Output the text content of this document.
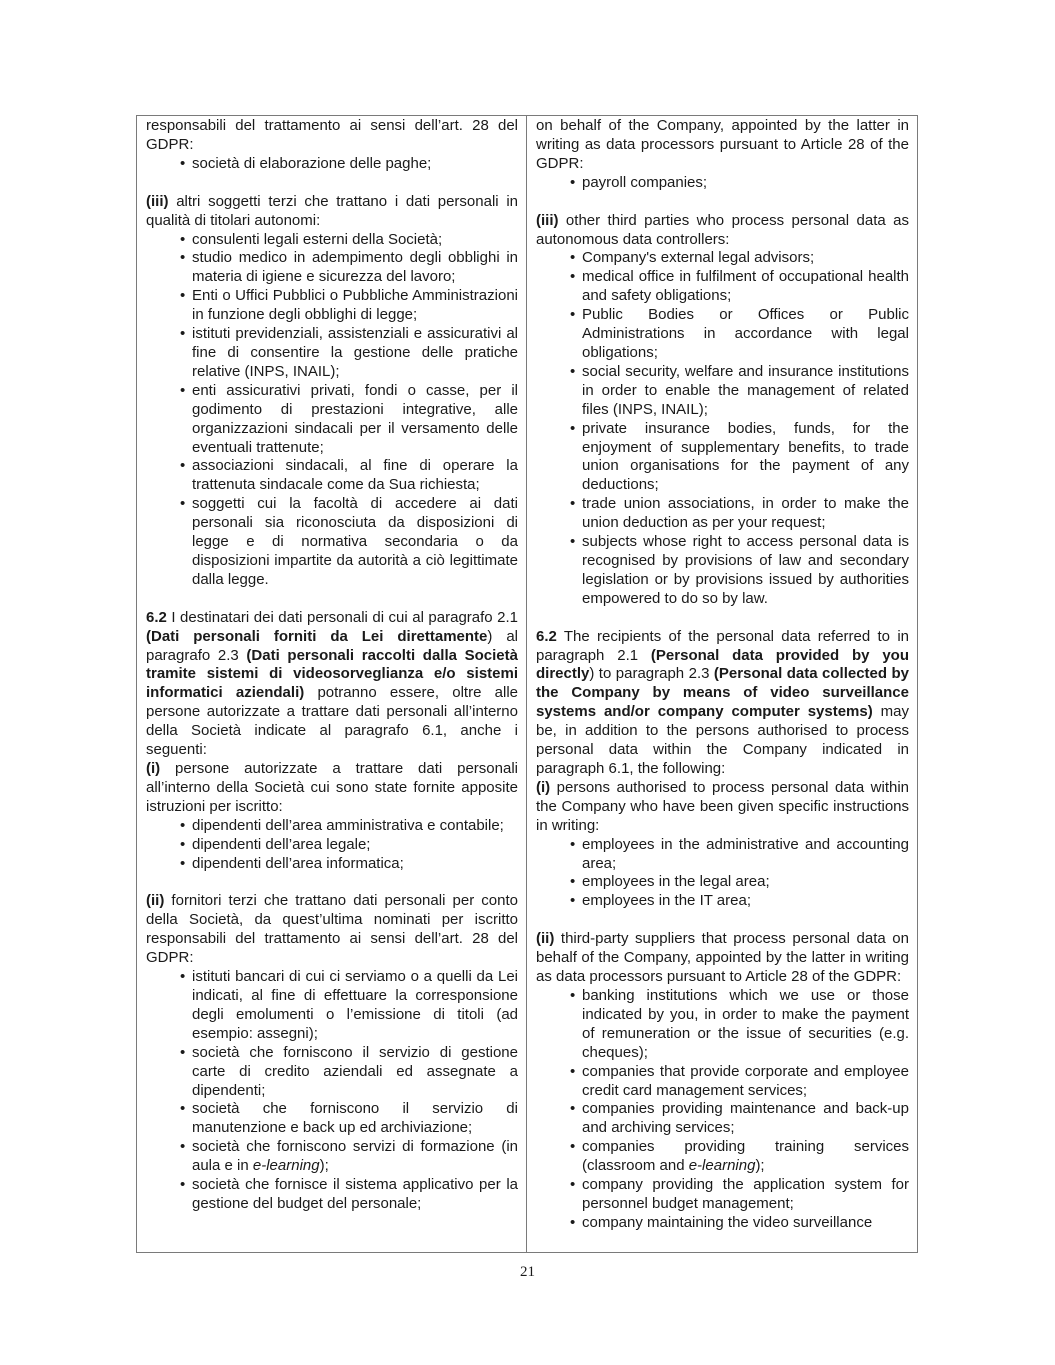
responsabili del trattamento ai sensi dell’art. 28 del GDPR:

• società di elaborazione delle paghe;

(iii) altri soggetti terzi che trattano i dati personali in qualità di titolari autonomi:

• consulenti legali esterni della Società;
• studio medico in adempimento degli obblighi in materia di igiene e sicurezza del lavoro;
• Enti o Uffici Pubblici o Pubbliche Amministrazioni in funzione degli obblighi di legge;
• istituti previdenziali, assistenziali e assicurativi al fine di consentire la gestione delle pratiche relative (INPS, INAIL);
• enti assicurativi privati, fondi o casse, per il godimento di prestazioni integrative, alle organizzazioni sindacali per il versamento delle eventuali trattenute;
• associazioni sindacali, al fine di operare la trattenuta sindacale come da Sua richiesta;
• soggetti cui la facoltà di accedere ai dati personali sia riconosciuta da disposizioni di legge e di normativa secondaria o da disposizioni impartite da autorità a ciò legittimate dalla legge.

6.2 I destinatari dei dati personali di cui al paragrafo 2.1 (Dati personali forniti da Lei direttamente) al paragrafo 2.3 (Dati personali raccolti dalla Società tramite sistemi di videosorveglianza e/o sistemi informatici aziendali) potranno essere, oltre alle persone autorizzate a trattare dati personali all’interno della Società indicate al paragrafo 6.1, anche i seguenti:

(i) persone autorizzate a trattare dati personali all’interno della Società cui sono state fornite apposite istruzioni per iscritto:

• dipendenti dell’area amministrativa e contabile;
• dipendenti dell’area legale;
• dipendenti dell’area informatica;

(ii) fornitori terzi che trattano dati personali per conto della Società, da quest’ultima nominati per iscritto responsabili del trattamento ai sensi dell’art. 28 del GDPR:

• istituti bancari di cui ci serviamo o a quelli da Lei indicati, al fine di effettuare la corresponsione degli emolumenti o l’emissione di titoli (ad esempio: assegni);
• società che forniscono il servizio di gestione carte di credito aziendali ed assegnate a dipendenti;
• società che forniscono il servizio di manutenzione e back up ed archiviazione;
• società che forniscono servizi di formazione (in aula e in e-learning);
• società che fornisce il sistema applicativo per la gestione del budget del personale;

on behalf of the Company, appointed by the latter in writing as data processors pursuant to Article 28 of the GDPR:

• payroll companies;

(iii) other third parties who process personal data as autonomous data controllers:

• Company's external legal advisors;
• medical office in fulfilment of occupational health and safety obligations;
• Public Bodies or Offices or Public Administrations in accordance with legal obligations;
• social security, welfare and insurance institutions in order to enable the management of related files (INPS, INAIL);
• private insurance bodies, funds, for the enjoyment of supplementary benefits, to trade union organisations for the payment of any deductions;
• trade union associations, in order to make the union deduction as per your request;
• subjects whose right to access personal data is recognised by provisions of law and secondary legislation or by provisions issued by authorities empowered to do so by law.

6.2 The recipients of the personal data referred to in paragraph 2.1 (Personal data provided by you directly) to paragraph 2.3 (Personal data collected by the Company by means of video surveillance systems and/or company computer systems) may be, in addition to the persons authorised to process personal data within the Company indicated in paragraph 6.1, the following:

(i) persons authorised to process personal data within the Company who have been given specific instructions in writing:

• employees in the administrative and accounting area;
• employees in the legal area;
• employees in the IT area;

(ii) third-party suppliers that process personal data on behalf of the Company, appointed by the latter in writing as data processors pursuant to Article 28 of the GDPR:

• banking institutions which we use or those indicated by you, in order to make the payment of remuneration or the issue of securities (e.g. cheques);
• companies that provide corporate and employee credit card management services;
• companies providing maintenance and back-up and archiving services;
• companies providing training services (classroom and e-learning);
• company providing the application system for personnel budget management;
• company maintaining the video surveillance
21
